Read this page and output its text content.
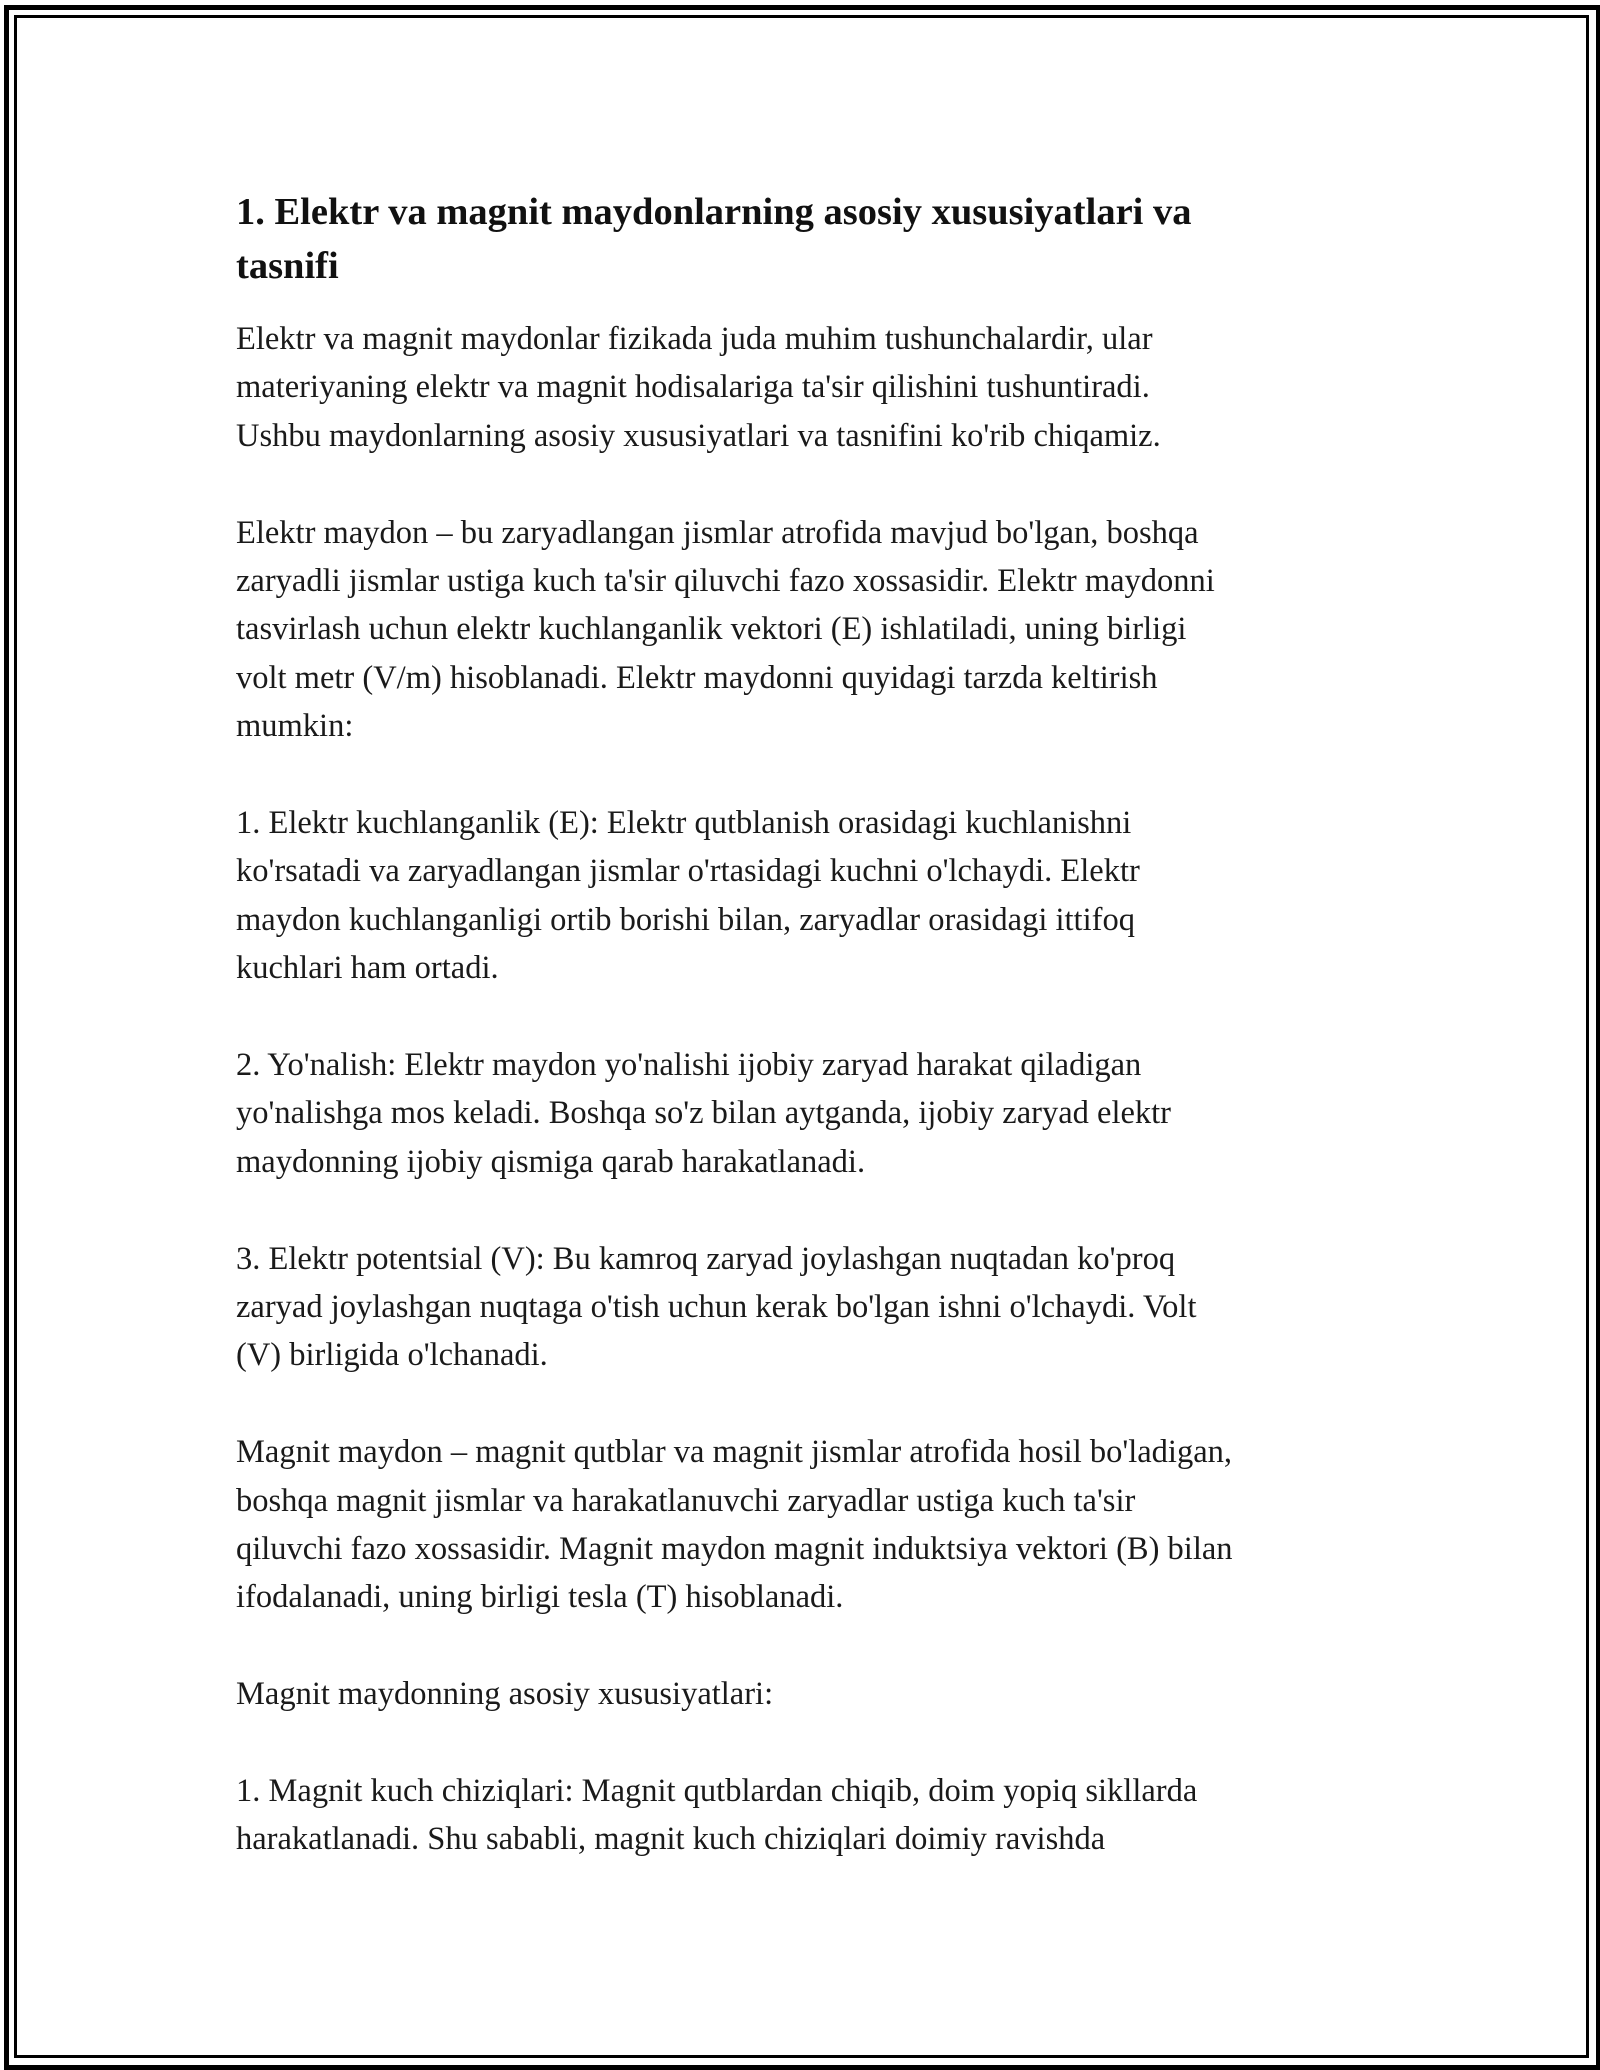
1. Elektr va magnit maydonlarning asosiy xususiyatlari va
tasnifi

Elektr va magnit maydonlar fizikada juda muhim tushunchalardir, ular
materiyaning elektr va magnit hodisalariga ta'sir qilishini tushuntiradi.
Ushbu maydonlarning asosiy xususiyatlari va tasnifini ko'rib chiqamiz.

Elektr maydon – bu zaryadlangan jismlar atrofida mavjud bo'lgan, boshqa
zaryadli jismlar ustiga kuch ta'sir qiluvchi fazo xossasidir. Elektr maydonni
tasvirlash uchun elektr kuchlanganlik vektori (E) ishlatiladi, uning birligi
volt metr (V/m) hisoblanadi. Elektr maydonni quyidagi tarzda keltirish
mumkin:

1. Elektr kuchlanganlik (E): Elektr qutblanish orasidagi kuchlanishni
ko'rsatadi va zaryadlangan jismlar o'rtasidagi kuchni o'lchaydi. Elektr
maydon kuchlanganligi ortib borishi bilan, zaryadlar orasidagi ittifoq
kuchlari ham ortadi.

2. Yo'nalish: Elektr maydon yo'nalishi ijobiy zaryad harakat qiladigan
yo'nalishga mos keladi. Boshqa so'z bilan aytganda, ijobiy zaryad elektr
maydonning ijobiy qismiga qarab harakatlanadi.

3. Elektr potentsial (V): Bu kamroq zaryad joylashgan nuqtadan ko'proq
zaryad joylashgan nuqtaga o'tish uchun kerak bo'lgan ishni o'lchaydi. Volt
(V) birligida o'lchanadi.

Magnit maydon – magnit qutblar va magnit jismlar atrofida hosil bo'ladigan,
boshqa magnit jismlar va harakatlanuvchi zaryadlar ustiga kuch ta'sir
qiluvchi fazo xossasidir. Magnit maydon magnit induktsiya vektori (B) bilan
ifodalanadi, uning birligi tesla (T) hisoblanadi.

Magnit maydonning asosiy xususiyatlari:

1. Magnit kuch chiziqlari: Magnit qutblardan chiqib, doim yopiq sikllarda
harakatlanadi. Shu sababli, magnit kuch chiziqlari doimiy ravishda
